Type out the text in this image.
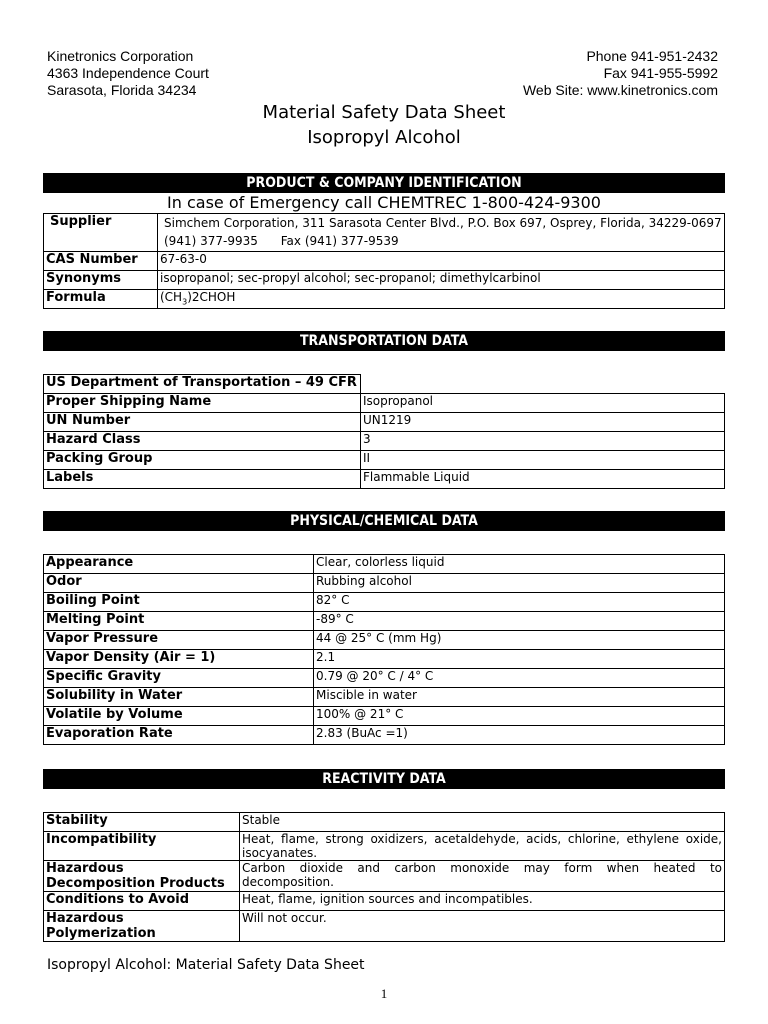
Kinetronics Corporation
4363 Independence Court
Sarasota, Florida 34234
Phone 941-951-2432
Fax 941-955-5992
Web Site: www.kinetronics.com
Material Safety Data Sheet
Isopropyl Alcohol
PRODUCT & COMPANY IDENTIFICATION
In case of Emergency call CHEMTREC 1-800-424-9300
Supplier	Simchem Corporation, 311 Sarasota Center Blvd., P.O. Box 697, Osprey, Florida, 34229-0697
(941) 377-9935      Fax (941) 377-9539

CAS Number	67-63-0
Synonyms	isopropanol; sec-propyl alcohol; sec-propanol; dimethylcarbinol
Formula	$(CH_3)2CHOH$
TRANSPORTATION DATA
US Department of Transportation – 49 CFR	
Proper Shipping Name	Isopropanol
UN Number	UN1219
Hazard Class	3
Packing Group	II
Labels	Flammable Liquid
PHYSICAL/CHEMICAL DATA
Appearance	Clear, colorless liquid
Odor	Rubbing alcohol
Boiling Point	82° C
Melting Point	-89° C
Vapor Pressure	44 @ 25° C (mm Hg)
Vapor Density (Air = 1)	2.1
Specific Gravity	0.79 @ 20° C / 4° C
Solubility in Water	Miscible in water
Volatile by Volume	100% @ 21° C
Evaporation Rate	2.83 (BuAc =1)
REACTIVITY DATA
Stability	Stable
Incompatibility	Heat, flame, strong oxidizers, acetaldehyde, acids, chlorine, ethylene oxide, isocyanates.
Hazardous Decomposition Products	Carbon dioxide and carbon monoxide may form when heated to decomposition.
Conditions to Avoid	Heat, flame, ignition sources and incompatibles.
Hazardous Polymerization	Will not occur.
Isopropyl Alcohol: Material Safety Data Sheet
1
